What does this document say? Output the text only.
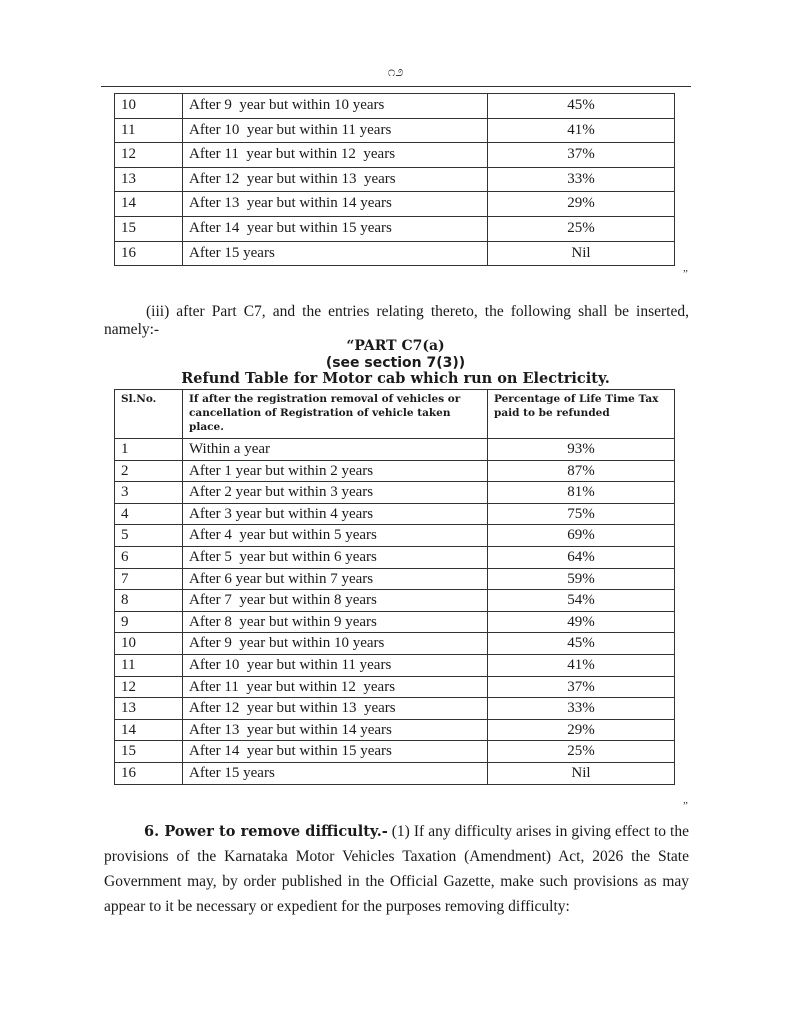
೧೨
10	After 9  year but within 10 years	45%
11	After 10  year but within 11 years	41%
12	After 11  year but within 12  years	37%
13	After 12  year but within 13  years	33%
14	After 13  year but within 14 years	29%
15	After 14  year but within 15 years	25%
16	After 15 years	Nil
”
(iii) after Part C7, and the entries relating thereto, the following shall be inserted, namely:-
“PART C7(a)
(see section 7(3))
Refund Table for Motor cab which run on Electricity.
Sl.No.	If after the registration removal of vehicles or cancellation of Registration of vehicle taken place.	Percentage of Life Time Tax paid to be refunded
1	Within a year	93%
2	After 1 year but within 2 years	87%
3	After 2 year but within 3 years	81%
4	After 3 year but within 4 years	75%
5	After 4  year but within 5 years	69%
6	After 5  year but within 6 years	64%
7	After 6 year but within 7 years	59%
8	After 7  year but within 8 years	54%
9	After 8  year but within 9 years	49%
10	After 9  year but within 10 years	45%
11	After 10  year but within 11 years	41%
12	After 11  year but within 12  years	37%
13	After 12  year but within 13  years	33%
14	After 13  year but within 14 years	29%
15	After 14  year but within 15 years	25%
16	After 15 years	Nil
”
6. Power to remove difficulty.- (1) If any difficulty arises in giving effect to the provisions of the Karnataka Motor Vehicles Taxation (Amendment) Act, 2026 the State Government may, by order published in the Official Gazette, make such provisions as may appear to it be necessary or expedient for the purposes removing difficulty:
